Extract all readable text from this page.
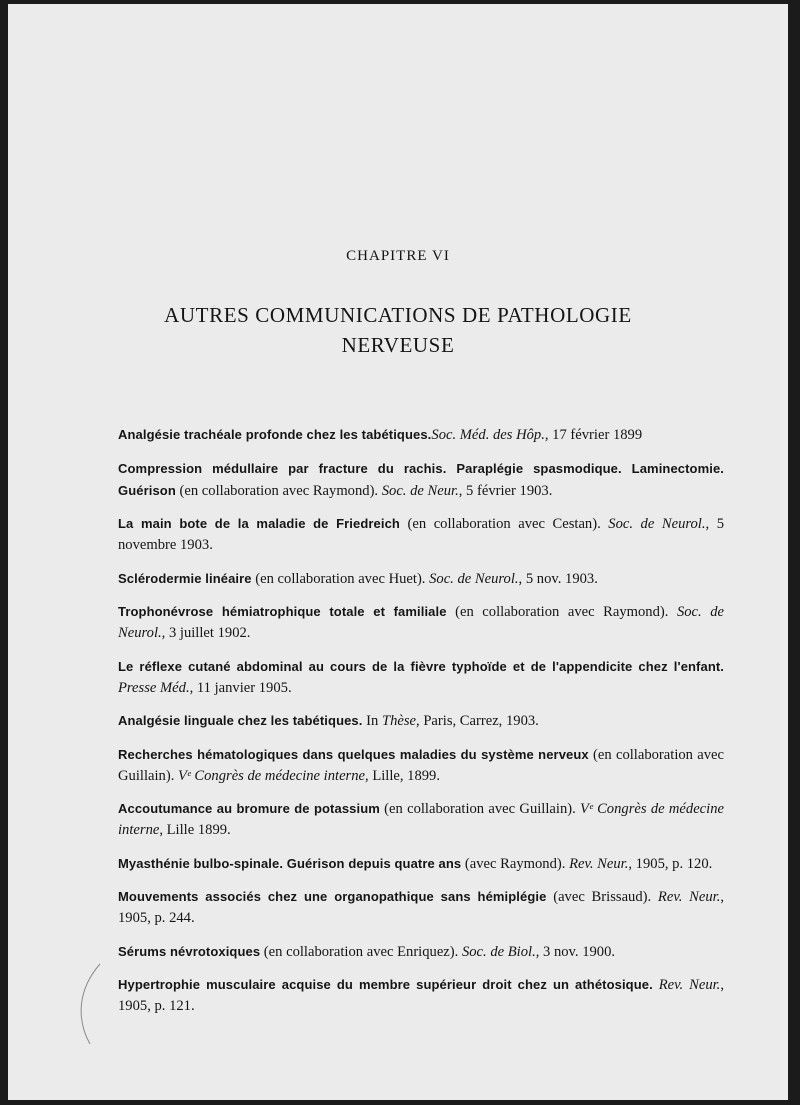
CHAPITRE VI
AUTRES COMMUNICATIONS DE PATHOLOGIE
NERVEUSE
Analgésie trachéale profonde chez les tabétiques.Soc. Méd. des Hôp., 17 février 1899
Compression médullaire par fracture du rachis. Paraplégie spasmodique. Laminectomie. Guérison (en collaboration avec Raymond). Soc. de Neur., 5 février 1903.
La main bote de la maladie de Friedreich (en collaboration avec Cestan). Soc. de Neurol., 5 novembre 1903.
Sclérodermie linéaire (en collaboration avec Huet). Soc. de Neurol., 5 nov. 1903.
Trophonévrose hémiatrophique totale et familiale (en collaboration avec Raymond). Soc. de Neurol., 3 juillet 1902.
Le réflexe cutané abdominal au cours de la fièvre typhoïde et de l'appendicite chez l'enfant. Presse Méd., 11 janvier 1905.
Analgésie linguale chez les tabétiques. In Thèse, Paris, Carrez, 1903.
Recherches hématologiques dans quelques maladies du système nerveux (en collaboration avec Guillain). Vᵉ Congrès de médecine interne, Lille, 1899.
Accoutumance au bromure de potassium (en collaboration avec Guillain). Vᵉ Congrès de médecine interne, Lille 1899.
Myasthénie bulbo-spinale. Guérison depuis quatre ans (avec Raymond). Rev. Neur., 1905, p. 120.
Mouvements associés chez une organopathique sans hémiplégie (avec Brissaud). Rev. Neur., 1905, p. 244.
Sérums névrotoxiques (en collaboration avec Enriquez). Soc. de Biol., 3 nov. 1900.
Hypertrophie musculaire acquise du membre supérieur droit chez un athétosique. Rev. Neur., 1905, p. 121.
